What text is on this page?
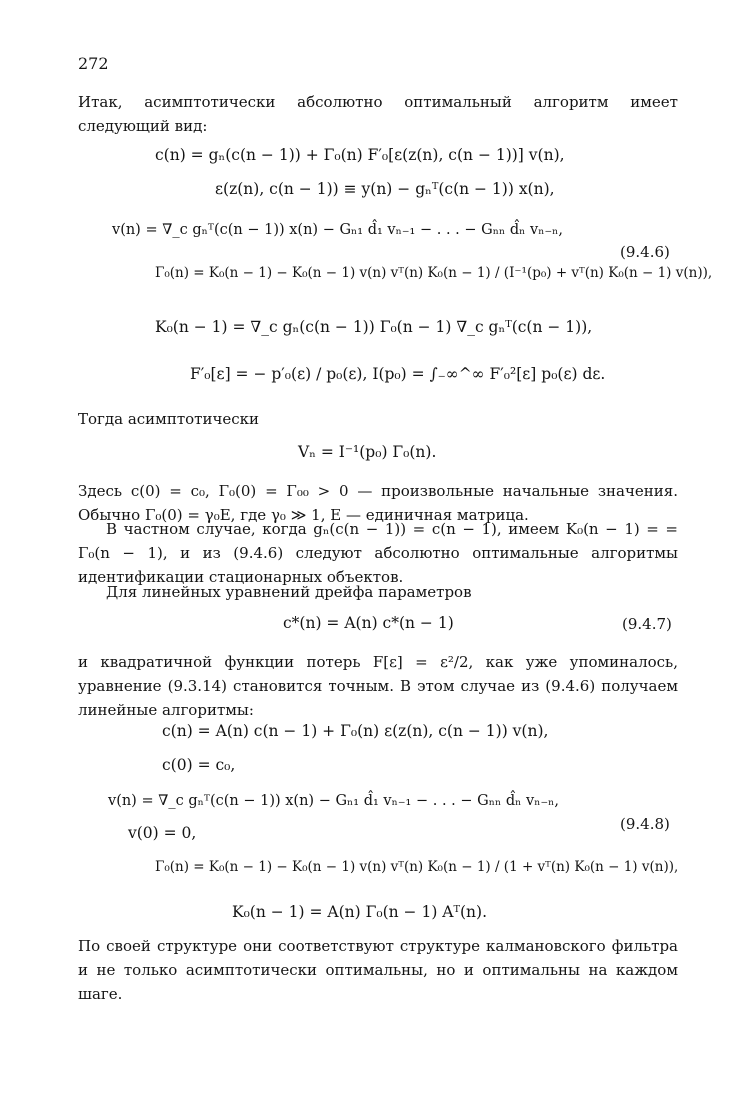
272
Итак, асимптотически абсолютно оптимальный алгоритм имеет следующий вид:
c(n) = gₙ(c(n − 1)) + Γ₀(n) F′₀[ε(z(n), c(n − 1))] v(n),
ε(z(n), c(n − 1)) ≡ y(n) − gₙᵀ(c(n − 1)) x(n),
v(n) = ∇_c gₙᵀ(c(n − 1)) x(n) − Gₙ₁ d̂₁ vₙ₋₁ − . . . − Gₙₙ d̂ₙ vₙ₋ₙ,
Γ₀(n) = K₀(n − 1) − K₀(n − 1) v(n) vᵀ(n) K₀(n − 1) / (I⁻¹(p₀) + vᵀ(n) K₀(n − 1) v(n)),
K₀(n − 1) = ∇_c gₙ(c(n − 1)) Γ₀(n − 1) ∇_c gₙᵀ(c(n − 1)),
F′₀[ε] = − p′₀(ε) / p₀(ε), I(p₀) = ∫₋∞^∞ F′₀²[ε] p₀(ε) dε.
(9.4.6)
Тогда асимптотически
Vₙ = I⁻¹(p₀) Γ₀(n).
Здесь c(0) = c₀, Γ₀(0) = Γ₀₀ > 0 — произвольные начальные значения. Обычно Γ₀(0) = γ₀E, где γ₀ ≫ 1, E — единичная матрица.
В частном случае, когда gₙ(c(n − 1)) = c(n − 1), имеем K₀(n − 1) = = Γ₀(n − 1), и из (9.4.6) следуют абсолютно оптимальные алгоритмы идентификации стационарных объектов.
Для линейных уравнений дрейфа параметров
c*(n) = A(n) c*(n − 1)	(9.4.7)
и квадратичной функции потерь F[ε] = ε²/2, как уже упоминалось, уравнение (9.3.14) становится точным. В этом случае из (9.4.6) получаем линейные алгоритмы:
c(n) = A(n) c(n − 1) + Γ₀(n) ε(z(n), c(n − 1)) v(n),
c(0) = c₀,
v(n) = ∇_c gₙᵀ(c(n − 1)) x(n) − Gₙ₁ d̂₁ vₙ₋₁ − . . . − Gₙₙ d̂ₙ vₙ₋ₙ,
v(0) = 0,
Γ₀(n) = K₀(n − 1) − K₀(n − 1) v(n) vᵀ(n) K₀(n − 1) / (1 + vᵀ(n) K₀(n − 1) v(n)),
K₀(n − 1) = A(n) Γ₀(n − 1) Aᵀ(n).
(9.4.8)
По своей структуре они соответствуют структуре калмановского фильтра и не только асимптотически оптимальны, но и оптимальны на каждом шаге.
